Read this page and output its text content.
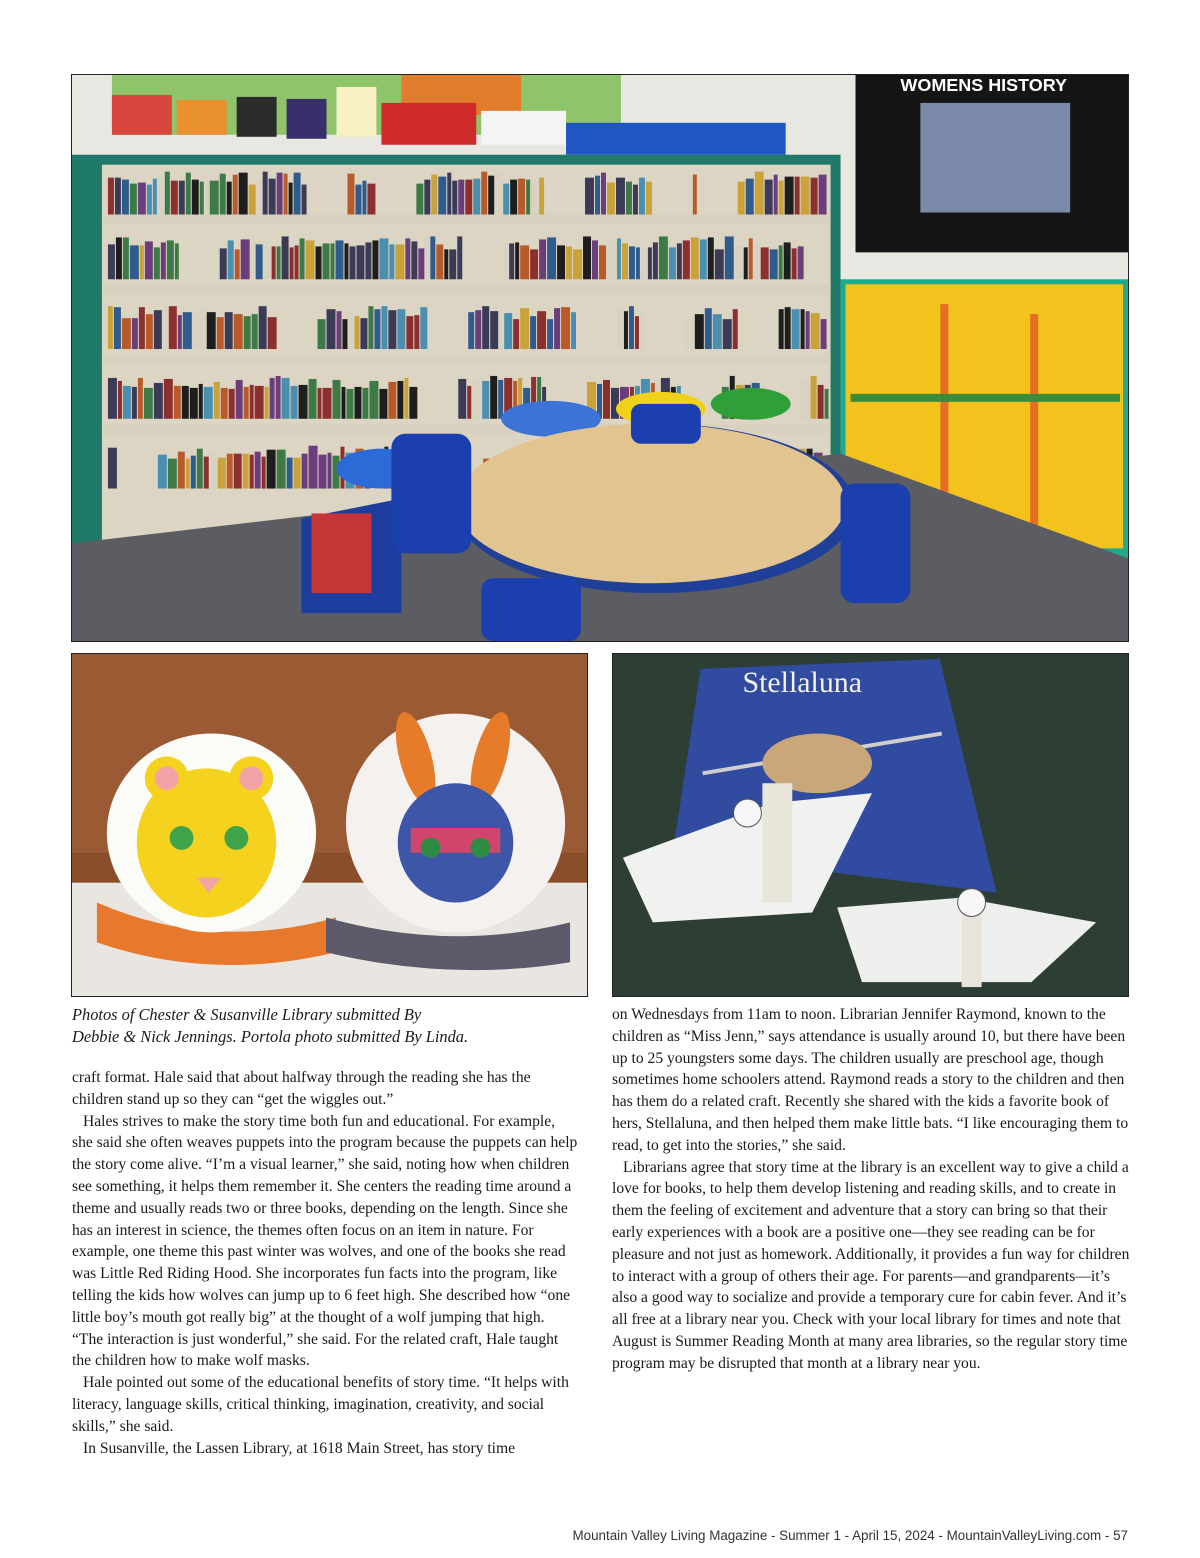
WOMENS HISTORY
Stellaluna
Photos of Chester & Susanville Library submitted By
Debbie & Nick Jennings. Portola photo submitted By Linda.

craft format. Hale said that about halfway through the reading she has the children stand up so they can “get the wiggles out.”

Hales strives to make the story time both fun and educational. For example, she said she often weaves puppets into the program because the puppets can help the story come alive. “I’m a visual learner,” she said, noting how when children see something, it helps them remember it. She centers the reading time around a theme and usually reads two or three books, depending on the length. Since she has an interest in science, the themes often focus on an item in nature. For example, one theme this past winter was wolves, and one of the books she read was Little Red Riding Hood. She incorporates fun facts into the program, like telling the kids how wolves can jump up to 6 feet high. She described how “one little boy’s mouth got really big” at the thought of a wolf jumping that high. “The interaction is just wonderful,” she said. For the related craft, Hale taught the children how to make wolf masks.

Hale pointed out some of the educational benefits of story time. “It helps with literacy, language skills, critical thinking, imagination, creativity, and social skills,” she said.

In Susanville, the Lassen Library, at 1618 Main Street, has story time

on Wednesdays from 11am to noon. Librarian Jennifer Raymond, known to the children as “Miss Jenn,” says attendance is usually around 10, but there have been up to 25 youngsters some days. The children usually are preschool age, though sometimes home schoolers attend. Raymond reads a story to the children and then has them do a related craft. Recently she shared with the kids a favorite book of hers, Stellaluna, and then helped them make little bats. “I like encouraging them to read, to get into the stories,” she said.

Librarians agree that story time at the library is an excellent way to give a child a love for books, to help them develop listening and reading skills, and to create in them the feeling of excitement and adventure that a story can bring so that their early experiences with a book are a positive one—they see reading can be for pleasure and not just as homework. Additionally, it provides a fun way for children to interact with a group of others their age. For parents—and grandparents—it’s also a good way to socialize and provide a temporary cure for cabin fever. And it’s all free at a library near you. Check with your local library for times and note that August is Summer Reading Month at many area libraries, so the regular story time program may be disrupted that month at a library near you.

Mountain Valley Living Magazine - Summer 1 - April 15, 2024 - MountainValleyLiving.com - 57
